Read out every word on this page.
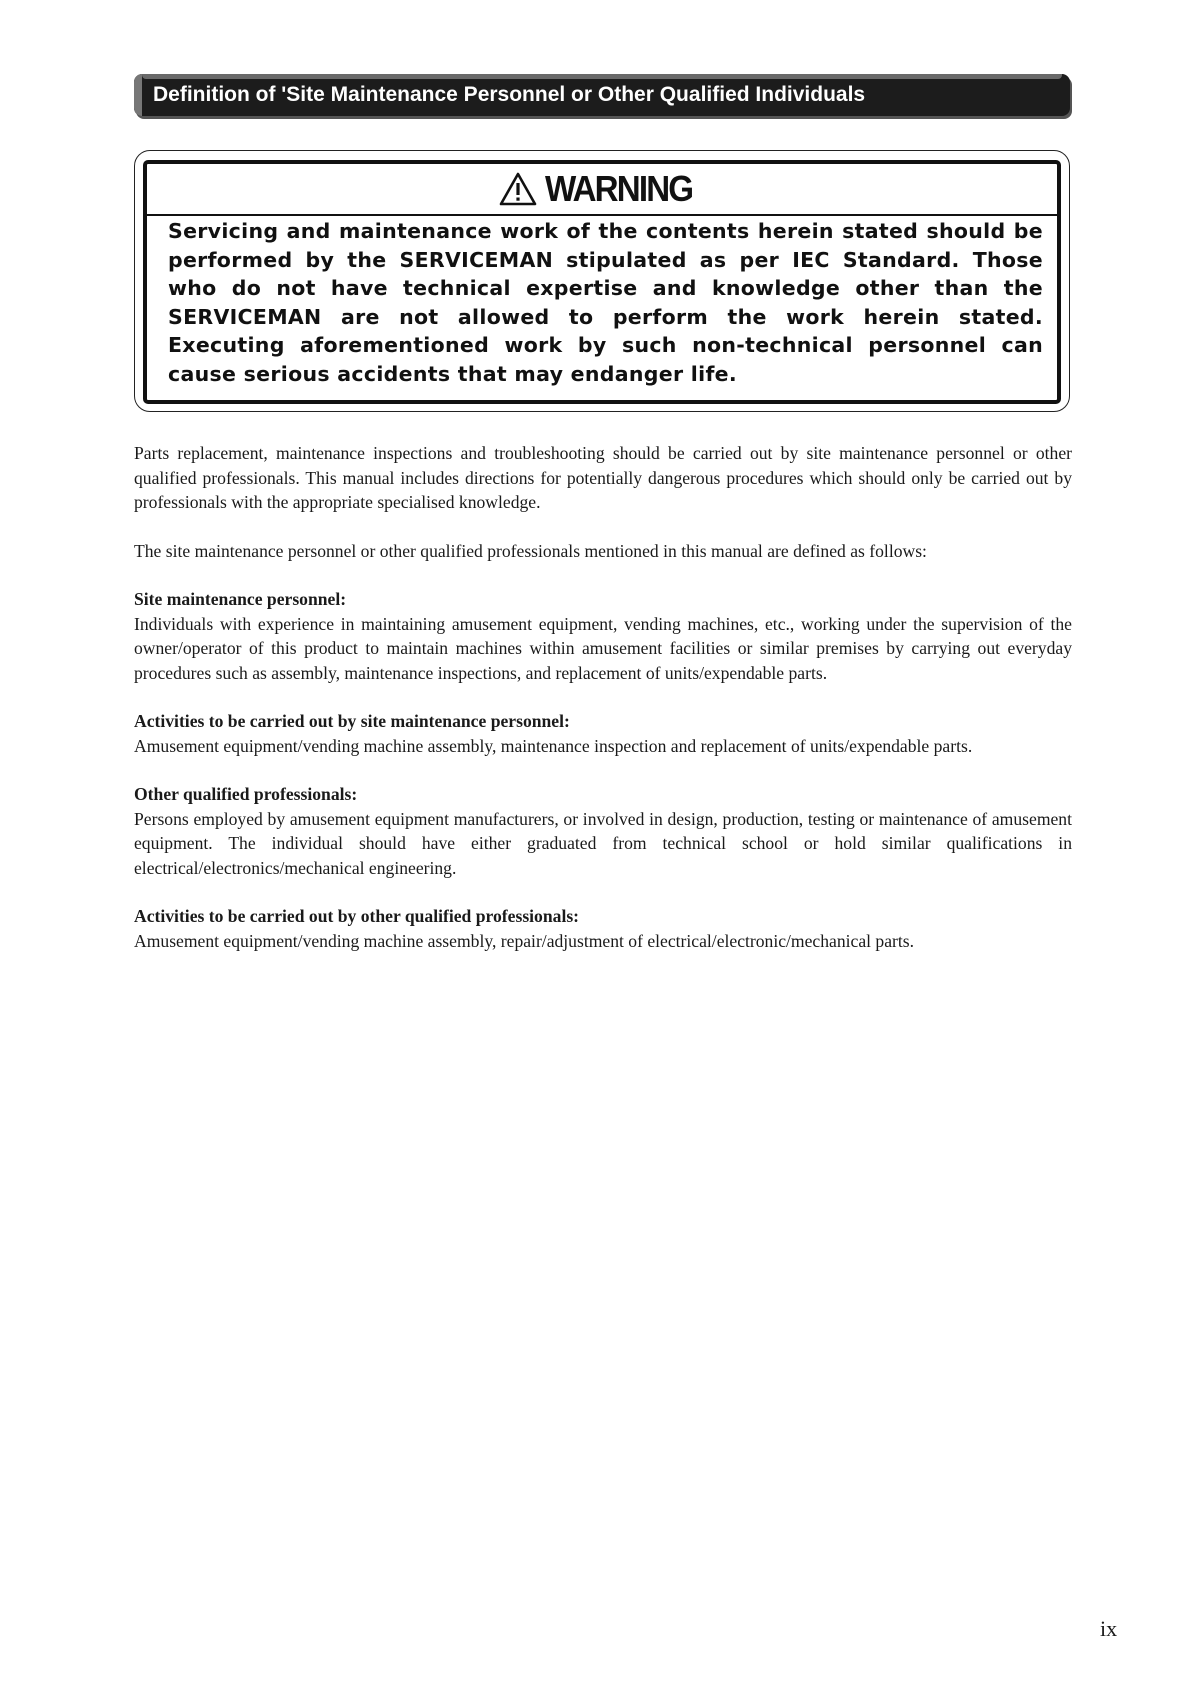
Definition of 'Site Maintenance Personnel or Other Qualified Individuals
WARNING
Servicing and maintenance work of the contents herein stated should be performed by the SERVICEMAN stipulated as per IEC Standard. Those who do not have technical expertise and knowledge other than the SERVICEMAN are not allowed to perform the work herein stated. Executing aforementioned work by such non-technical personnel can cause serious accidents that may endanger life.

Parts replacement, maintenance inspections and troubleshooting should be carried out by site maintenance personnel or other qualified professionals. This manual includes directions for potentially dangerous procedures which should only be carried out by professionals with the appropriate specialised knowledge.

The site maintenance personnel or other qualified professionals mentioned in this manual are defined as follows:

Site maintenance personnel:
Individuals with experience in maintaining amusement equipment, vending machines, etc., working under the supervision of the owner/operator of this product to maintain machines within amusement facilities or similar premises by carrying out everyday procedures such as assembly, maintenance inspections, and replacement of units/expendable parts.
Activities to be carried out by site maintenance personnel:
Amusement equipment/vending machine assembly, maintenance inspection and replacement of units/expendable parts.
Other qualified professionals:
Persons employed by amusement equipment manufacturers, or involved in design, production, testing or maintenance of amusement equipment. The individual should have either graduated from technical school or hold similar qualifications in electrical/electronics/mechanical engineering.
Activities to be carried out by other qualified professionals:
Amusement equipment/vending machine assembly, repair/adjustment of electrical/electronic/mechanical parts.
ix
